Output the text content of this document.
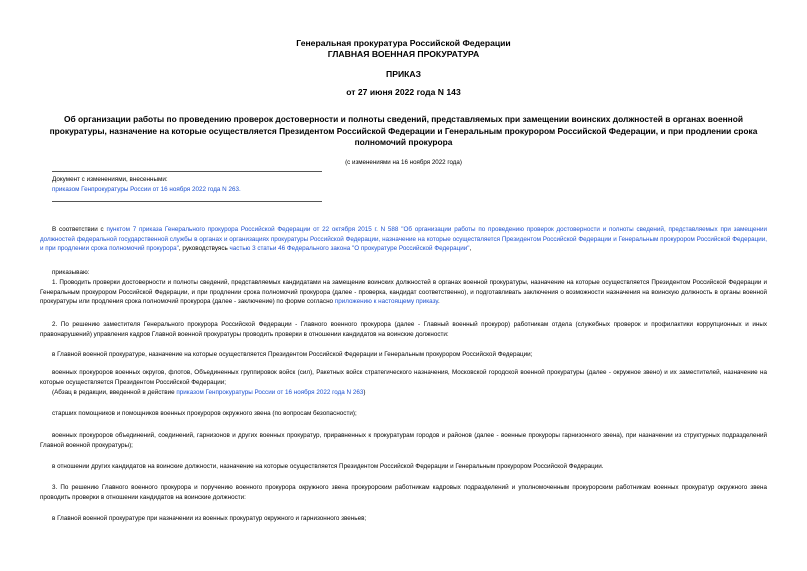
Генеральная прокуратура Российской Федерации
ГЛАВНАЯ ВОЕННАЯ ПРОКУРАТУРА
ПРИКАЗ
от 27 июня 2022 года N 143
Об организации работы по проведению проверок достоверности и полноты сведений, представляемых при замещении воинских должностей в органах военной прокуратуры, назначение на которые осуществляется Президентом Российской Федерации и Генеральным прокурором Российской Федерации, и при продлении срока полномочий прокурора
(с изменениями на 16 ноября 2022 года)
Документ с изменениями, внесенными:
приказом Генпрокуратуры России от 16 ноября 2022 года N 263.
В соответствии с пунктом 7 приказа Генерального прокурора Российской Федерации от 22 октября 2015 г. N 588 "Об организации работы по проведению проверок достоверности и полноты сведений, представляемых при замещении должностей федеральной государственной службы в органах и организациях прокуратуры Российской Федерации, назначение на которые осуществляется Президентом Российской Федерации и Генеральным прокурором Российской Федерации, и при продлении срока полномочий прокурора", руководствуясь частью 3 статьи 46 Федерального закона "О прокуратуре Российской Федерации",
приказываю:
1. Проводить проверки достоверности и полноты сведений, представляемых кандидатами на замещение воинских должностей в органах военной прокуратуры, назначение на которые осуществляется Президентом Российской Федерации и Генеральным прокурором Российской Федерации, и при продлении срока полномочий прокурора (далее - проверка, кандидат соответственно), и подготавливать заключения о возможности назначения на воинскую должность в органы военной прокуратуры или продления срока полномочий прокурора (далее - заключение) по форме согласно приложению к настоящему приказу.
2. По решению заместителя Генерального прокурора Российской Федерации - Главного военного прокурора (далее - Главный военный прокурор) работникам отдела (служебных проверок и профилактики коррупционных и иных правонарушений) управления кадров Главной военной прокуратуры проводить проверки в отношении кандидатов на воинские должности:
в Главной военной прокуратуре, назначение на которые осуществляется Президентом Российской Федерации и Генеральным прокурором Российской Федерации;
военных прокуроров военных округов, флотов, Объединенных группировок войск (сил), Ракетных войск стратегического назначения, Московской городской военной прокуратуры (далее - окружное звено) и их заместителей, назначение на которые осуществляется Президентом Российской Федерации;
(Абзац в редакции, введенной в действие приказом Генпрокуратуры России от 16 ноября 2022 года N 263)
старших помощников и помощников военных прокуроров окружного звена (по вопросам безопасности);
военных прокуроров объединений, соединений, гарнизонов и других военных прокуратур, приравненных к прокуратурам городов и районов (далее - военные прокуроры гарнизонного звена), при назначении из структурных подразделений Главной военной прокуратуры);
в отношении других кандидатов на воинские должности, назначение на которые осуществляется Президентом Российской Федерации и Генеральным прокурором Российской Федерации.
3. По решению Главного военного прокурора и поручению военного прокурора окружного звена прокурорским работникам кадровых подразделений и уполномоченным прокурорским работникам военных прокуратур окружного звена проводить проверки в отношении кандидатов на воинские должности:
в Главной военной прокуратуре при назначении из военных прокуратур окружного и гарнизонного звеньев;
